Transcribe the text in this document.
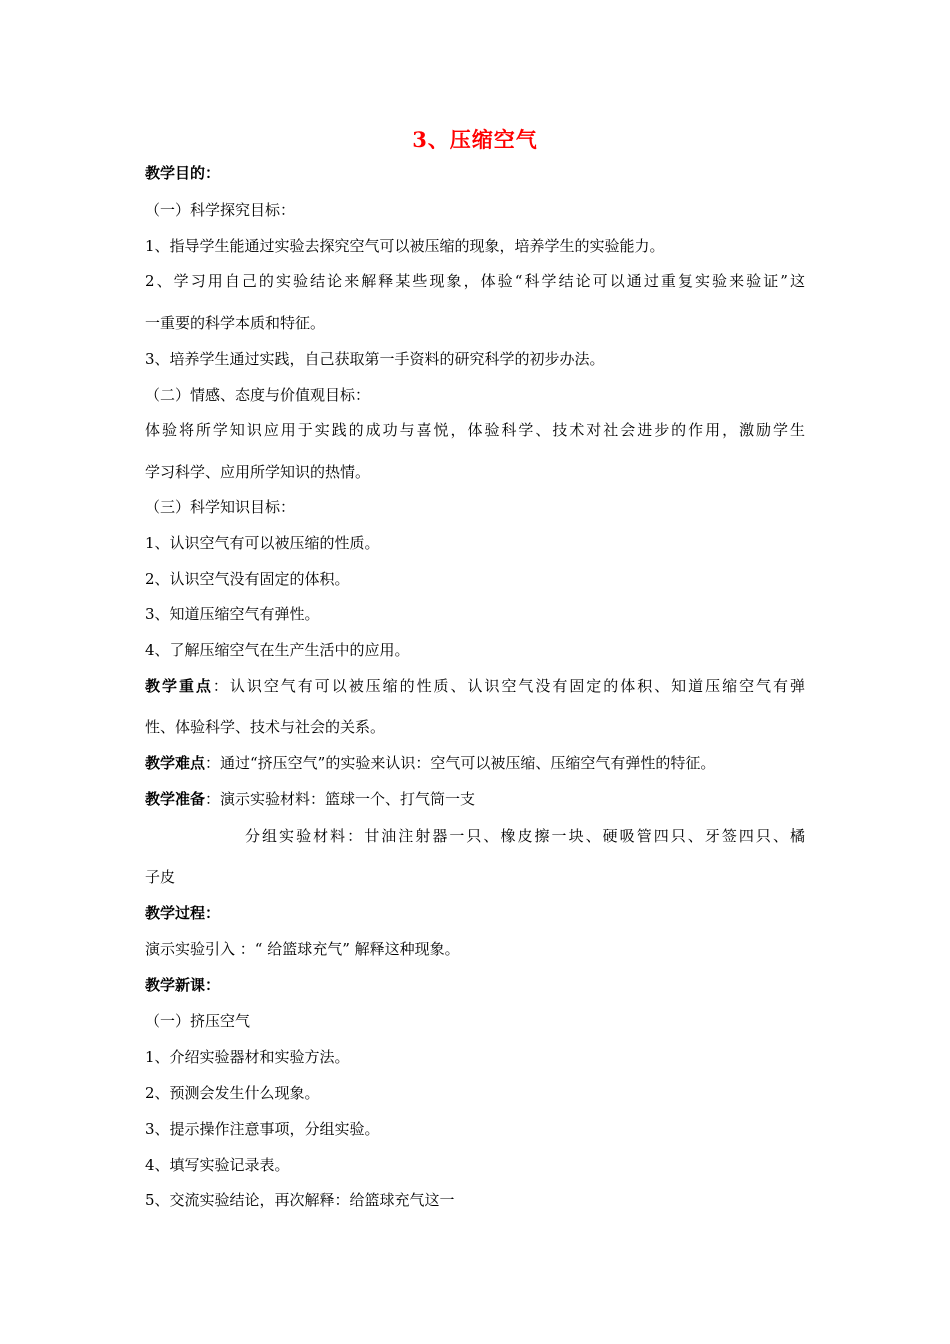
3、压缩空气
教学目的：
（一）科学探究目标：
1、指导学生能通过实验去探究空气可以被压缩的现象，培养学生的实验能力。
2、学习用自己的实验结论来解释某些现象，体验“科学结论可以通过重复实验来验证”这
一重要的科学本质和特征。
3、培养学生通过实践，自己获取第一手资料的研究科学的初步办法。
（二）情感、态度与价值观目标：
体验将所学知识应用于实践的成功与喜悦，体验科学、技术对社会进步的作用，激励学生
学习科学、应用所学知识的热情。
（三）科学知识目标：
1、认识空气有可以被压缩的性质。
2、认识空气没有固定的体积。
3、知道压缩空气有弹性。
4、了解压缩空气在生产生活中的应用。
教学重点：认识空气有可以被压缩的性质、认识空气没有固定的体积、知道压缩空气有弹
性、体验科学、技术与社会的关系。
教学难点：通过“挤压空气”的实验来认识：空气可以被压缩、压缩空气有弹性的特征。
教学准备：演示实验材料：篮球一个、打气筒一支
分组实验材料：甘油注射器一只、橡皮擦一块、硬吸管四只、牙签四只、橘
子皮
教学过程：
演示实验引入 ：“ 给篮球充气” 解释这种现象。
教学新课：
（一）挤压空气
1、介绍实验器材和实验方法。
2、预测会发生什么现象。
3、提示操作注意事项，分组实验。
4、填写实验记录表。
5、交流实验结论，再次解释：给篮球充气这一
